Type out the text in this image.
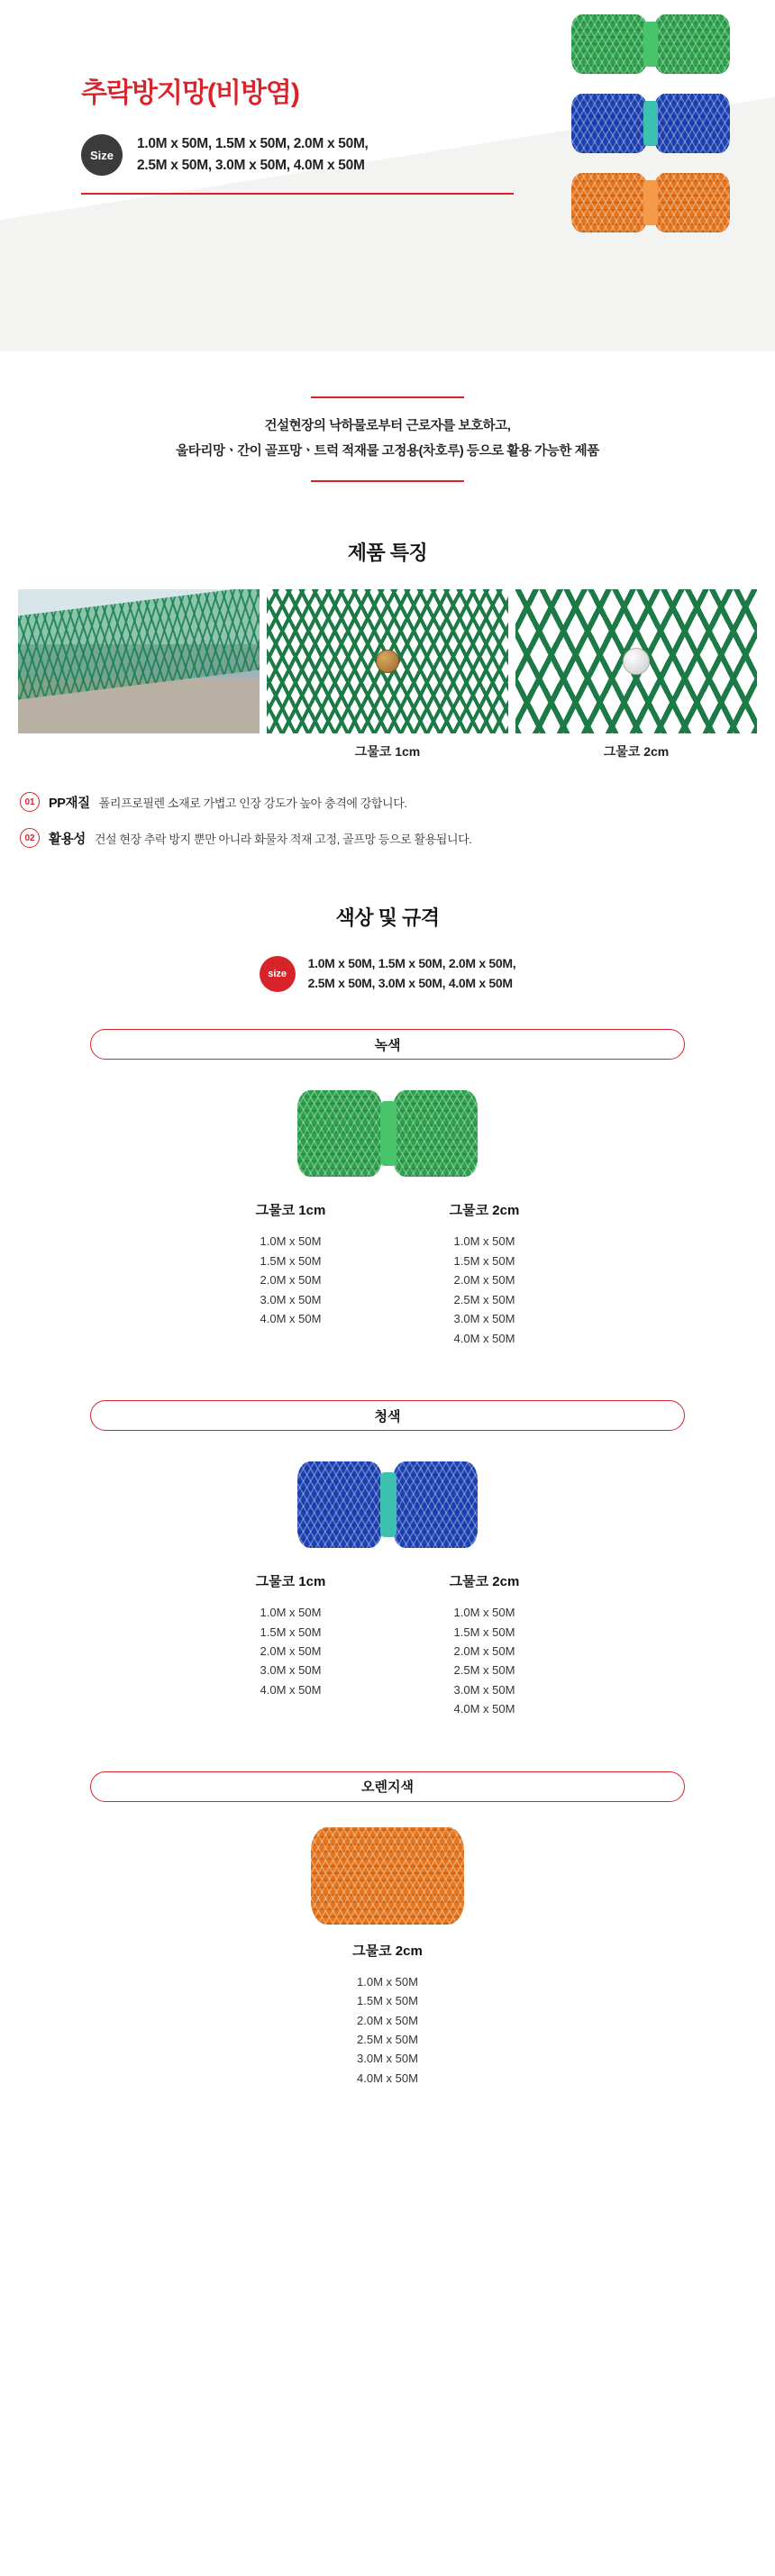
추락방지망(비방염)
Size
1.0M x 50M, 1.5M x 50M, 2.0M x 50M,
2.5M x 50M, 3.0M x 50M, 4.0M x 50M

건설현장의 낙하물로부터 근로자를 보호하고,

울타리망ㆍ간이 골프망ㆍ트럭 적재물 고정용(차호루) 등으로 활용 가능한 제품

제품 특징
그물코 1cm	그물코 2cm
01	PP재질 폴리프로필렌 소재로 가볍고 인장 강도가 높아 충격에 강합니다.
02	활용성 건설 현장 추락 방지 뿐만 아니라 화물차 적재 고정, 골프망 등으로 활용됩니다.
색상 및 규격
size
1.0M x 50M, 1.5M x 50M, 2.0M x 50M,
2.5M x 50M, 3.0M x 50M, 4.0M x 50M
녹색
그물코 1cm
1.0M x 50M
1.5M x 50M
2.0M x 50M
3.0M x 50M
4.0M x 50M
그물코 2cm
1.0M x 50M
1.5M x 50M
2.0M x 50M
2.5M x 50M
3.0M x 50M
4.0M x 50M
청색
그물코 1cm
1.0M x 50M
1.5M x 50M
2.0M x 50M
3.0M x 50M
4.0M x 50M
그물코 2cm
1.0M x 50M
1.5M x 50M
2.0M x 50M
2.5M x 50M
3.0M x 50M
4.0M x 50M
오렌지색
그물코 2cm
1.0M x 50M
1.5M x 50M
2.0M x 50M
2.5M x 50M
3.0M x 50M
4.0M x 50M
